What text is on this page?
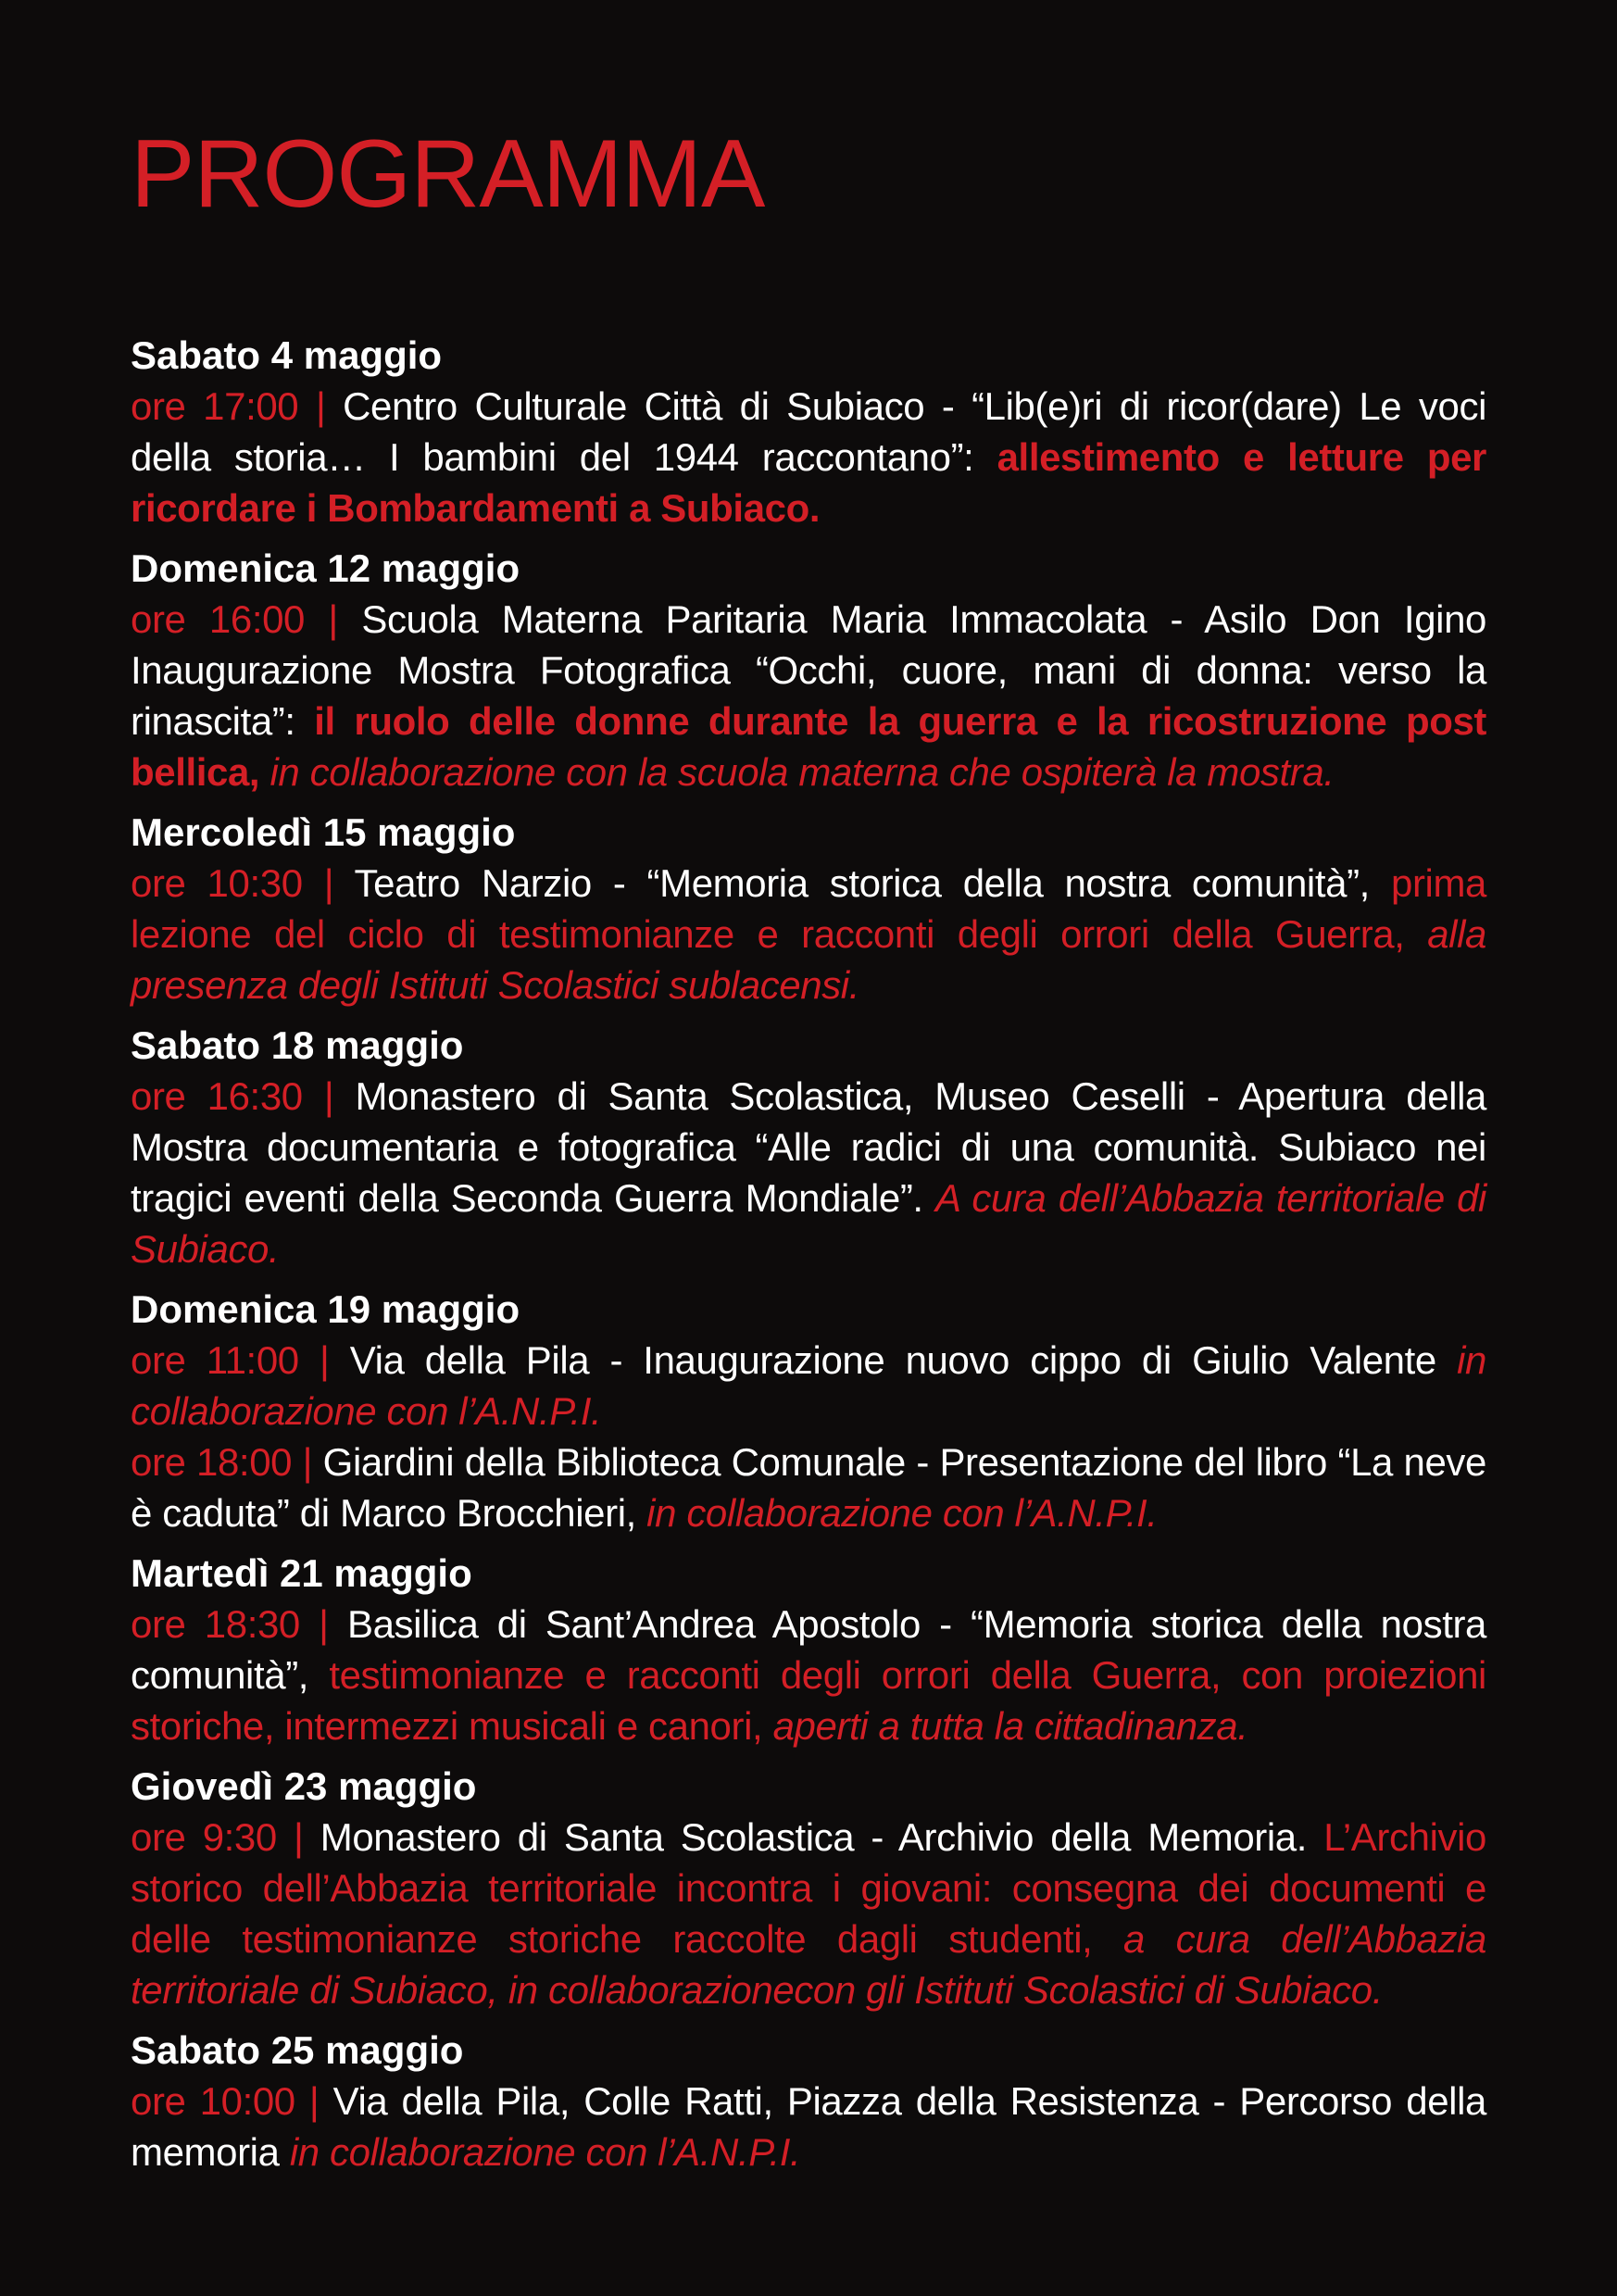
PROGRAMMA

Sabato 4 maggio

ore 17:00 | Centro Culturale Città di Subiaco - “Lib(e)ri di ricor(dare) Le voci della storia… I bambini del 1944 raccontano”: allestimento e letture per ricordare i Bombardamenti a Subiaco.

Domenica 12 maggio

ore 16:00 | Scuola Materna Paritaria Maria Immacolata - Asilo Don Igino Inaugurazione Mostra Fotografica “Occhi, cuore, mani di donna: verso la rinascita”: il ruolo delle donne durante la guerra e la ricostruzione post bellica, in collaborazione con la scuola materna che ospiterà la mostra.

Mercoledì 15 maggio

ore 10:30 | Teatro Narzio - “Memoria storica della nostra comunità”, prima lezione del ciclo di testimonianze e racconti degli orrori della Guerra, alla presenza degli Istituti Scolastici sublacensi.

Sabato 18 maggio

ore 16:30 | Monastero di Santa Scolastica, Museo Ceselli - Apertura della Mostra documentaria e fotografica “Alle radici di una comunità. Subiaco nei tragici eventi della Seconda Guerra Mondiale”. A cura dell’Abbazia territoriale di Subiaco.

Domenica 19 maggio

ore 11:00 | Via della Pila - Inaugurazione nuovo cippo di Giulio Valente in collaborazione con l’A.N.P.I.

ore 18:00 | Giardini della Biblioteca Comunale - Presentazione del libro “La neve è caduta” di Marco Brocchieri, in collaborazione con l’A.N.P.I.

Martedì 21 maggio

ore 18:30 | Basilica di Sant’Andrea Apostolo - “Memoria storica della nostra comunità”, testimonianze e racconti degli orrori della Guerra, con proiezioni storiche, intermezzi musicali e canori, aperti a tutta la cittadinanza.

Giovedì 23 maggio

ore 9:30 | Monastero di Santa Scolastica - Archivio della Memoria. L’Archivio storico dell’Abbazia territoriale incontra i giovani: consegna dei documenti e delle testimonianze storiche raccolte dagli studenti, a cura dell’Abbazia territoriale di Subiaco, in collaborazionecon gli Istituti Scolastici di Subiaco.

Sabato 25 maggio

ore 10:00 | Via della Pila, Colle Ratti, Piazza della Resistenza - Percorso della memoria in collaborazione con l’A.N.P.I.
